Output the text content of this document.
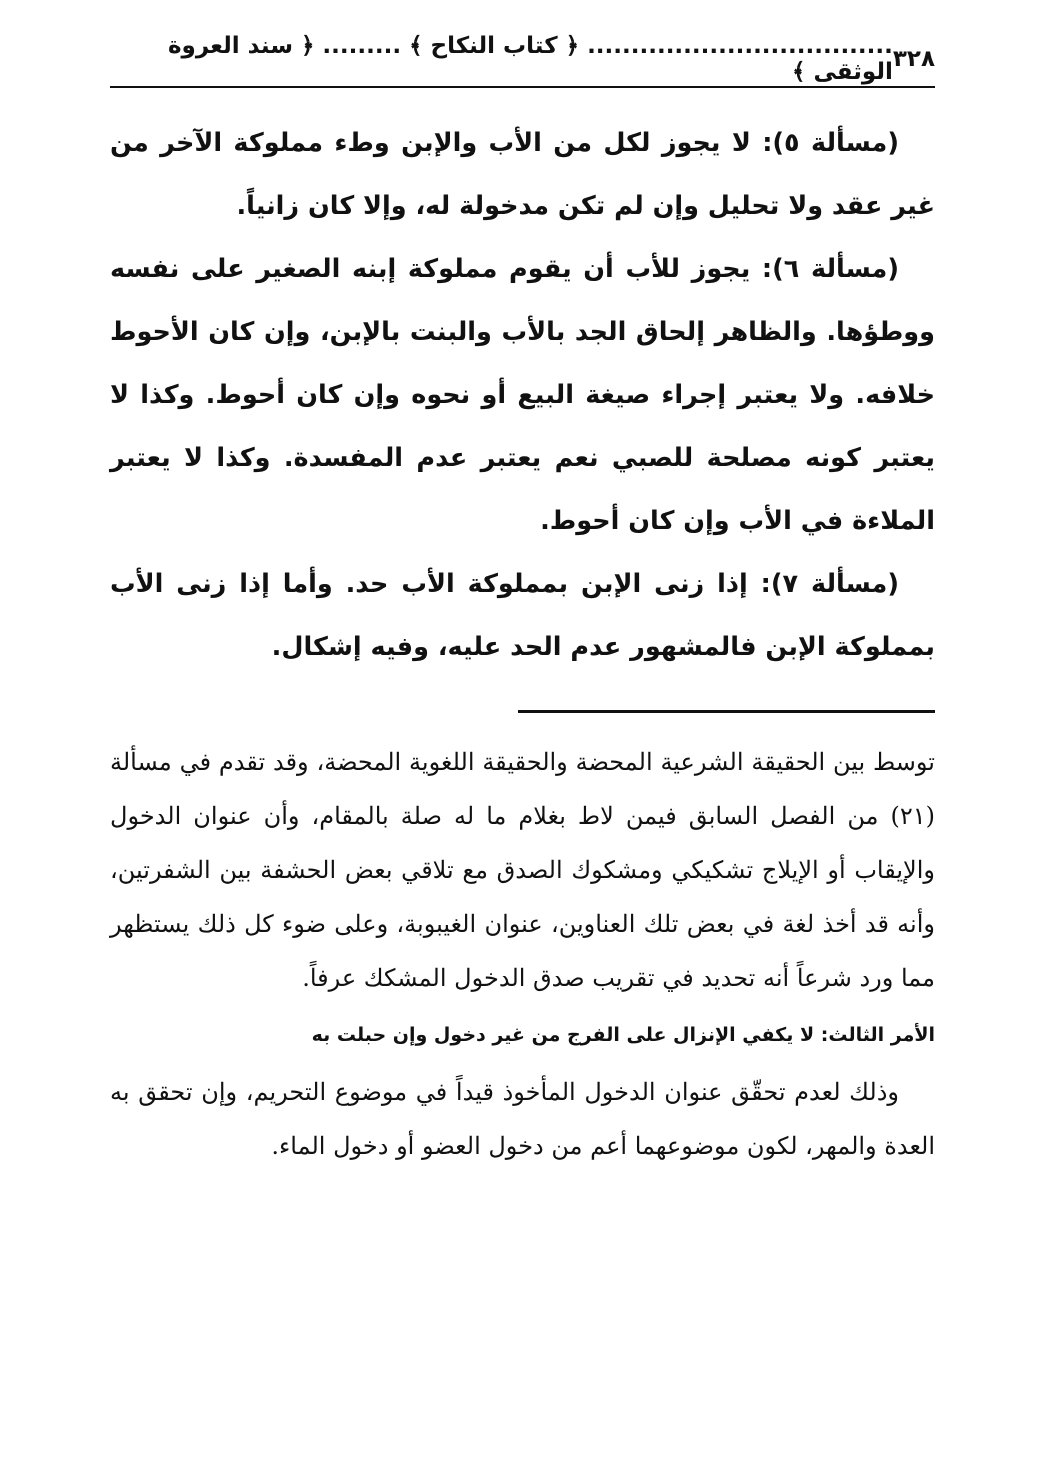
٣٢٨
................................... ﴿ كتاب النكاح ﴾ ......... ﴿ سند العروة الوثقى ﴾

(مسألة ٥): لا يجوز لكل من الأب والإبن وطء مملوكة الآخر من غير عقد ولا تحليل وإن لم تكن مدخولة له، وإلا كان زانياً.

(مسألة ٦): يجوز للأب أن يقوم مملوكة إبنه الصغير على نفسه ووطؤها. والظاهر إلحاق الجد بالأب والبنت بالإبن، وإن كان الأحوط خلافه. ولا يعتبر إجراء صيغة البيع أو نحوه وإن كان أحوط. وكذا لا يعتبر كونه مصلحة للصبي نعم يعتبر عدم المفسدة. وكذا لا يعتبر الملاءة في الأب وإن كان أحوط.

(مسألة ٧): إذا زنى الإبن بمملوكة الأب حد. وأما إذا زنى الأب بمملوكة الإبن فالمشهور عدم الحد عليه، وفيه إشكال.

توسط بين الحقيقة الشرعية المحضة والحقيقة اللغوية المحضة، وقد تقدم في مسألة (٢١) من الفصل السابق فيمن لاط بغلام ما له صلة بالمقام، وأن عنوان الدخول والإيقاب أو الإيلاج تشكيكي ومشكوك الصدق مع تلاقي بعض الحشفة بين الشفرتين، وأنه قد أخذ لغة في بعض تلك العناوين، عنوان الغيبوبة، وعلى ضوء كل ذلك يستظهر مما ورد شرعاً أنه تحديد في تقريب صدق الدخول المشكك عرفاً.

الأمر الثالث: لا يكفي الإنزال على الفرج من غير دخول وإن حبلت به

وذلك لعدم تحقّق عنوان الدخول المأخوذ قيداً في موضوع التحريم، وإن تحقق به العدة والمهر، لكون موضوعهما أعم من دخول العضو أو دخول الماء.
